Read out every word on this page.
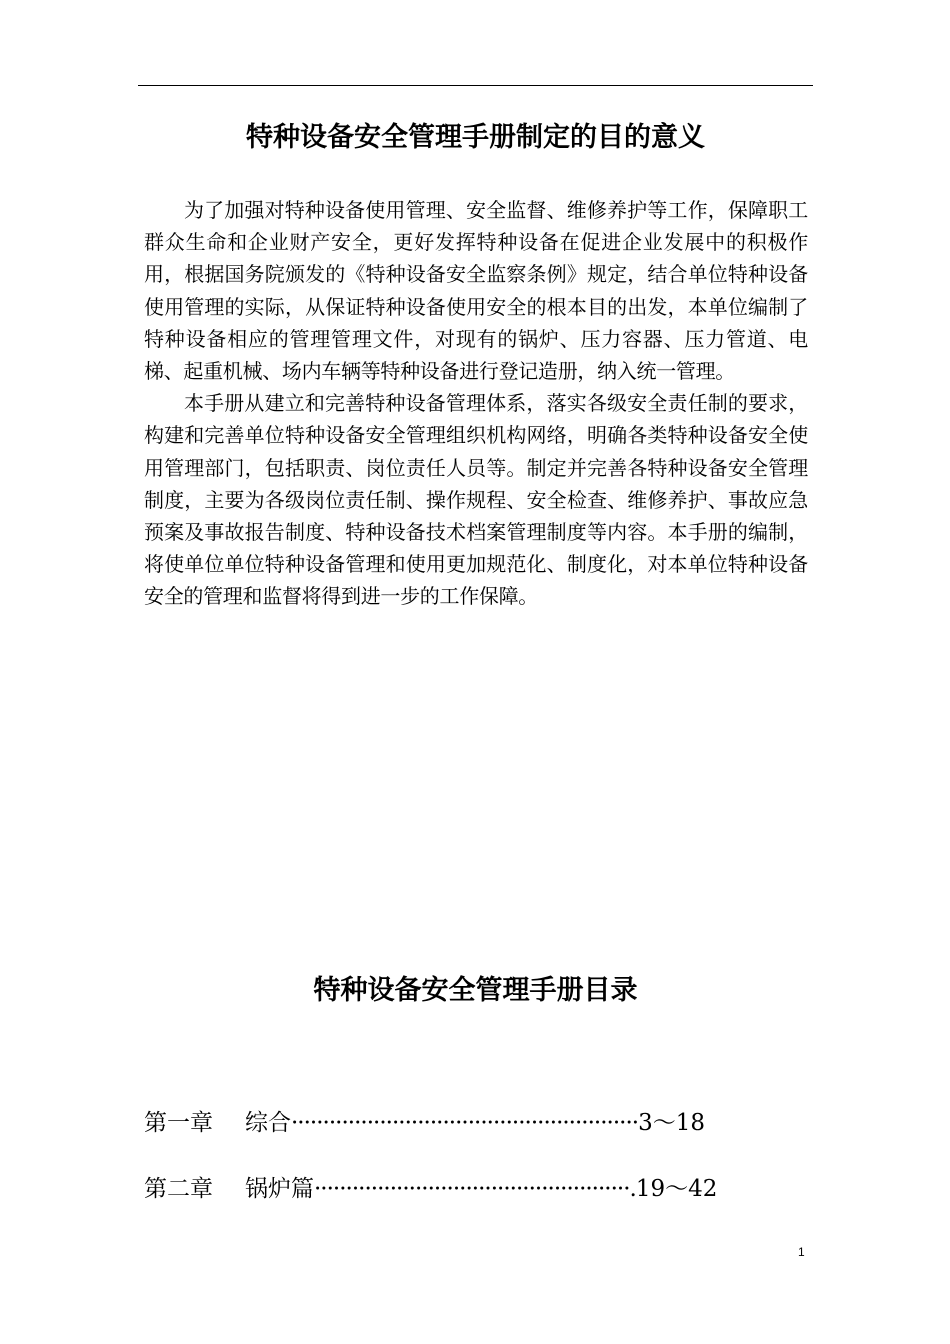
特种设备安全管理手册制定的目的意义

为了加强对特种设备使用管理、安全监督、维修养护等工作，保障职工群众生命和企业财产安全，更好发挥特种设备在促进企业发展中的积极作用，根据国务院颁发的《特种设备安全监察条例》规定，结合单位特种设备使用管理的实际，从保证特种设备使用安全的根本目的出发，本单位编制了特种设备相应的管理管理文件，对现有的锅炉、压力容器、压力管道、电梯、起重机械、场内车辆等特种设备进行登记造册，纳入统一管理。

本手册从建立和完善特种设备管理体系，落实各级安全责任制的要求，构建和完善单位特种设备安全管理组织机构网络，明确各类特种设备安全使用管理部门，包括职责、岗位责任人员等。制定并完善各特种设备安全管理制度，主要为各级岗位责任制、操作规程、安全检查、维修养护、事故应急预案及事故报告制度、特种设备技术档案管理制度等内容。本手册的编制，将使单位单位特种设备管理和使用更加规范化、制度化，对本单位特种设备安全的管理和监督将得到进一步的工作保障。

特种设备安全管理手册目录
第一章 综合·······················································3～18
第二章 锅炉篇··················································.19～42
1
